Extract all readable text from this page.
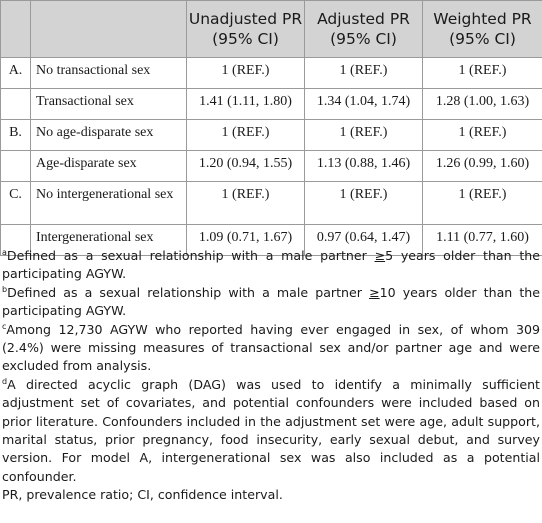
		Unadjusted PR (95% CI)	Adjusted PR (95% CI)	Weighted PR (95% CI)
A.	No transactional sex	1 (REF.)	1 (REF.)	1 (REF.)
	Transactional sex	1.41 (1.11, 1.80)	1.34 (1.04, 1.74)	1.28 (1.00, 1.63)
B.	No age-disparate sex	1 (REF.)	1 (REF.)	1 (REF.)
	Age-disparate sex	1.20 (0.94, 1.55)	1.13 (0.88, 1.46)	1.26 (0.99, 1.60)
C.	No intergenerational sex	1 (REF.)	1 (REF.)	1 (REF.)
	Intergenerational sex	1.09 (0.71, 1.67)	0.97 (0.64, 1.47)	1.11 (0.77, 1.60)

$^a$Defined as a sexual relationship with a male partner ≥5 years older than the participating AGYW.

$^b$Defined as a sexual relationship with a male partner ≥10 years older than the participating AGYW.

$^c$Among 12,730 AGYW who reported having ever engaged in sex, of whom 309 (2.4%) were missing measures of transactional sex and/or partner age and were excluded from analysis.

$^d$A directed acyclic graph (DAG) was used to identify a minimally sufficient adjustment set of covariates, and potential confounders were included based on prior literature. Confounders included in the adjustment set were age, adult support, marital status, prior pregnancy, food insecurity, early sexual debut, and survey version. For model A, intergenerational sex was also included as a potential confounder.

PR, prevalence ratio; CI, confidence interval.
